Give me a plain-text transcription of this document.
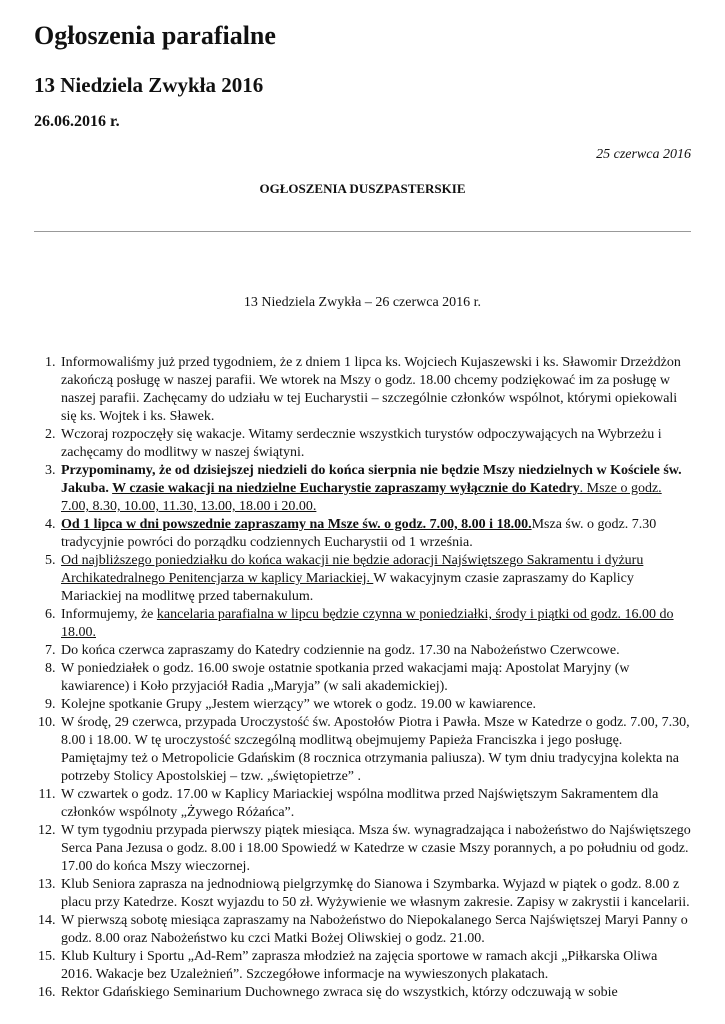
Ogłoszenia parafialne
13 Niedziela Zwykła 2016
26.06.2016 r.
25 czerwca 2016
OGŁOSZENIA DUSZPASTERSKIE
13 Niedziela Zwykła – 26 czerwca 2016 r.
1. Informowaliśmy już przed tygodniem, że z dniem 1 lipca ks. Wojciech Kujaszewski i ks. Sławomir Drzeżdżon zakończą posługę w naszej parafii. We wtorek na Mszy o godz. 18.00 chcemy podziękować im za posługę w naszej parafii. Zachęcamy do udziału w tej Eucharystii – szczególnie członków wspólnot, którymi opiekowali się ks. Wojtek i ks. Sławek.
2. Wczoraj rozpoczęły się wakacje. Witamy serdecznie wszystkich turystów odpoczywających na Wybrzeżu i zachęcamy do modlitwy w naszej świątyni.
3. Przypominamy, że od dzisiejszej niedzieli do końca sierpnia nie będzie Mszy niedzielnych w Kościele św. Jakuba. W czasie wakacji na niedzielne Eucharystie zapraszamy wyłącznie do Katedry. Msze o godz. 7.00, 8.30, 10.00, 11.30, 13.00, 18.00 i 20.00.
4. Od 1 lipca w dni powszednie zapraszamy na Msze św. o godz. 7.00, 8.00 i 18.00.Msza św. o godz. 7.30 tradycyjnie powróci do porządku codziennych Eucharystii od 1 września.
5. Od najbliższego poniedziałku do końca wakacji nie będzie adoracji Najświętszego Sakramentu i dyżuru Archikatedralnego Penitencjarza w kaplicy Mariackiej. W wakacyjnym czasie zapraszamy do Kaplicy Mariackiej na modlitwę przed tabernakulum.
6. Informujemy, że kancelaria parafialna w lipcu będzie czynna w poniedziałki, środy i piątki od godz. 16.00 do 18.00.
7. Do końca czerwca zapraszamy do Katedry codziennie na godz. 17.30 na Nabożeństwo Czerwcowe.
8. W poniedziałek o godz. 16.00 swoje ostatnie spotkania przed wakacjami mają: Apostolat Maryjny (w kawiarence) i Koło przyjaciół Radia „Maryja” (w sali akademickiej).
9. Kolejne spotkanie Grupy „Jestem wierzący” we wtorek o godz. 19.00 w kawiarence.
10. W środę, 29 czerwca, przypada Uroczystość św. Apostołów Piotra i Pawła. Msze w Katedrze o godz. 7.00, 7.30, 8.00 i 18.00. W tę uroczystość szczególną modlitwą obejmujemy Papieża Franciszka i jego posługę. Pamiętajmy też o Metropolicie Gdańskim (8 rocznica otrzymania paliusza). W tym dniu tradycyjna kolekta na potrzeby Stolicy Apostolskiej – tzw. „świętopietrze” .
11. W czwartek o godz. 17.00 w Kaplicy Mariackiej wspólna modlitwa przed Najświętszym Sakramentem dla członków wspólnoty „Żywego Różańca”.
12. W tym tygodniu przypada pierwszy piątek miesiąca. Msza św. wynagradzająca i nabożeństwo do Najświętszego Serca Pana Jezusa o godz. 8.00 i 18.00 Spowiedź w Katedrze w czasie Mszy porannych, a po południu od godz. 17.00 do końca Mszy wieczornej.
13. Klub Seniora zaprasza na jednodniową pielgrzymkę do Sianowa i Szymbarka. Wyjazd w piątek o godz. 8.00 z placu przy Katedrze. Koszt wyjazdu to 50 zł. Wyżywienie we własnym zakresie. Zapisy w zakrystii i kancelarii.
14. W pierwszą sobotę miesiąca zapraszamy na Nabożeństwo do Niepokalanego Serca Najświętszej Maryi Panny o godz. 8.00 oraz Nabożeństwo ku czci Matki Bożej Oliwskiej o godz. 21.00.
15. Klub Kultury i Sportu „Ad-Rem” zaprasza młodzież na zajęcia sportowe w ramach akcji „Piłkarska Oliwa 2016. Wakacje bez Uzależnień”. Szczegółowe informacje na wywieszonych plakatach.
16. Rektor Gdańskiego Seminarium Duchownego zwraca się do wszystkich, którzy odczuwają w sobie
